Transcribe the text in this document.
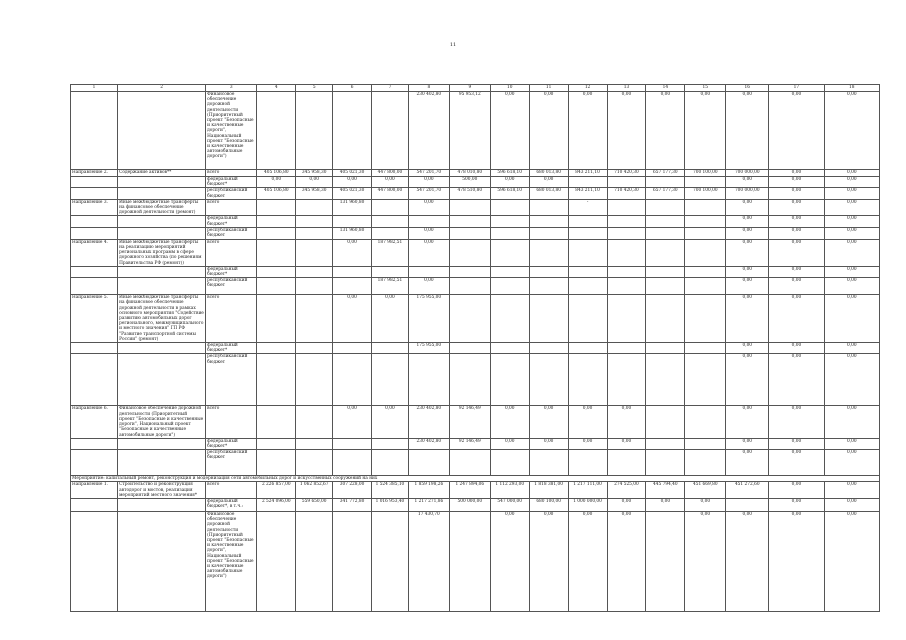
11
1	2	3	4	5	6	7	8	9	10	11	12	13	14	15	16	17	18
		Финансовое обеспечение дорожной деятельности (Приоритетный проект "Безопасные и качественные дороги", Национальный проект "Безопасные и качественные автомобильные дороги")					230 402,80	95 953,12	0,00	0,00	0,00	0,00	0,00	0,00	0,00	0,00	0,00
Направление 2.	Содержание активов**	всего	405 106,80	345 958,30	405 021,30	447 800,00	547 201,70	478 010,80	596 618,10	680 013,80	843 211,10	710 420,30	657 177,30	700 100,00	700 000,00	0,00	0,00
		федеральный бюджет*	0,00	0,00	0,00	0,00	0,00	500,00	0,00	0,00					0,00	0,00	0,00
		республиканский бюджет	405 106,80	345 958,30	405 021,30	447 800,00	547 201,70	478 510,80	596 618,10	680 013,80	843 211,10	710 420,30	657 177,30	700 100,00	700 000,00	0,00	0,00
Направление 3.	Иные межбюджетные трансферты на финансовое обеспечение дорожной деятельности (ремонт)	всего			131 960,80		0,00				-				0,00	0,00	0,00
		федеральный бюджет*													0,00	0,00	0,00
		республиканский бюджет			131 960,80		0,00								0,00	0,00	0,00
Направление 4.	Иные межбюджетные трансферты на реализацию мероприятий региональных программ в сфере дорожного хозяйства (по решениям Правительства РФ (ремонт))	всего			0,00	187 982,51	0,00								0,00	0,00	0,00
		федеральный бюджет*													0,00	0,00	0,00
		республиканский бюджет				187 982,51	0,00								0,00	0,00	0,00
Направление 5.	Иные межбюджетные трансферты на финансовое обеспечение дорожной деятельности в рамках основного мероприятия "Содействие развитию автомобильных дорог регионального, межмуниципального и местного значения" ГП РФ "Развитие транспортной системы России" (ремонт)	всего			0,00	0,00	175 955,00								0,00	0,00	0,00
		федеральный бюджет*					175 955,00								0,00	0,00	0,00
		республиканский бюджет													0,00	0,00	0,00
Направление 6.	Финансовое обеспечение дорожной деятельности (Приоритетный проект "Безопасные и качественные дороги", Национальный проект "Безопасные и качественные автомобильные дороги")	всего			0,00	0,00	230 402,80	92 146,49	0,00	0,00	0,00	0,00			0,00	0,00	0,00
		федеральный бюджет*					230 402,80	92 146,49	0,00	0,00	0,00	0,00			0,00	0,00	0,00
		республиканский бюджет													0,00	0,00	0,00
Мероприятие: капитальный ремонт, реконструкция и модернизация сети автомобильных дорог и искусственных сооружений на них																	
Направление 1.	Строительство и реконструкция автодорог и мостов, реализация мероприятий местного значения*	всего	2 226 857,00	1 062 852,67	307 228,00	1 524 385,10	1 859 198,26	1 247 894,06	1 112 293,00	1 818 381,00	1 217 111,00	274 525,00	445 794,40	451 669,80	451 272,60	0,00	0,00
		федеральный бюджет*, в т.ч.:	2 524 096,00	559 650,00	341 772,80	1 016 953,40	1 217 271,86	500 000,00	547 000,00	680 100,00	1 000 000,00	0,00	0,00	0,00		0,00	0,00
		Финансовое обеспечение дорожной деятельности (Приоритетный проект "Безопасные и качественные дороги", Национальный проект "Безопасные и качественные автомобильные дороги")					17 430,70		0,00	0,00	0,00	0,00		0,00	0,00	0,00	0,00
